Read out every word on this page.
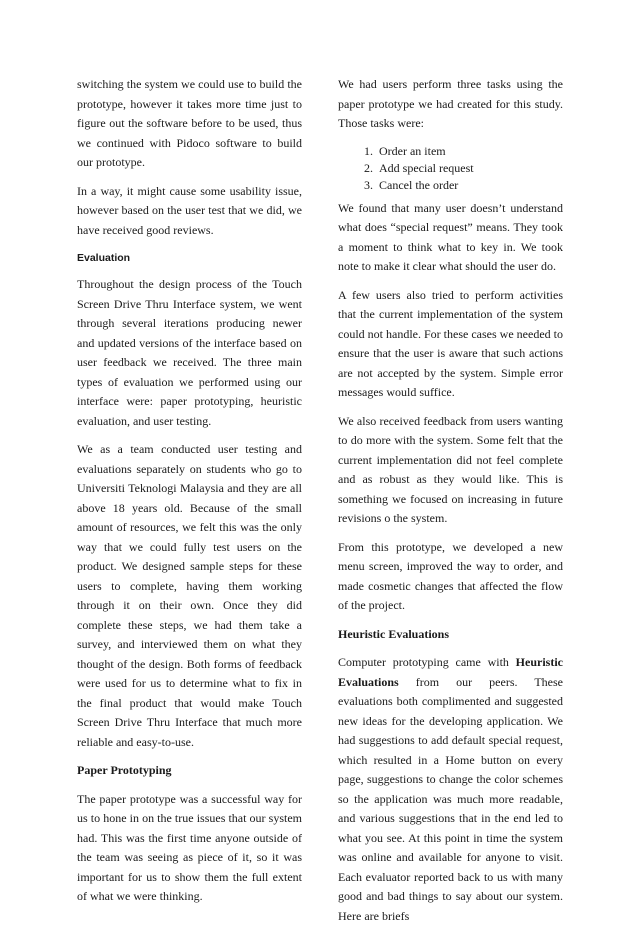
switching the system we could use to build the prototype, however it takes more time just to figure out the software before to be used, thus we continued with Pidoco software to build our prototype.

In a way, it might cause some usability issue, however based on the user test that we did, we have received good reviews.

Evaluation

Throughout the design process of the Touch Screen Drive Thru Interface system, we went through several iterations producing newer and updated versions of the interface based on user feedback we received. The three main types of evaluation we performed using our interface were: paper prototyping, heuristic evaluation, and user testing.

We as a team conducted user testing and evaluations separately on students who go to Universiti Teknologi Malaysia and they are all above 18 years old. Because of the small amount of resources, we felt this was the only way that we could fully test users on the product. We designed sample steps for these users to complete, having them working through it on their own. Once they did complete these steps, we had them take a survey, and interviewed them on what they thought of the design. Both forms of feedback were used for us to determine what to fix in the final product that would make Touch Screen Drive Thru Interface that much more reliable and easy-to-use.

Paper Prototyping

The paper prototype was a successful way for us to hone in on the true issues that our system had. This was the first time anyone outside of the team was seeing as piece of it, so it was important for us to show them the full extent of what we were thinking.

We had users perform three tasks using the paper prototype we had created for this study. Those tasks were:

1. Order an item
2. Add special request
3. Cancel the order

We found that many user doesn’t understand what does “special request” means. They took a moment to think what to key in. We took note to make it clear what should the user do.

A few users also tried to perform activities that the current implementation of the system could not handle. For these cases we needed to ensure that the user is aware that such actions are not accepted by the system. Simple error messages would suffice.

We also received feedback from users wanting to do more with the system. Some felt that the current implementation did not feel complete and as robust as they would like. This is something we focused on increasing in future revisions o the system.

From this prototype, we developed a new menu screen, improved the way to order, and made cosmetic changes that affected the flow of the project.

Heuristic Evaluations

Computer prototyping came with Heuristic Evaluations from our peers. These evaluations both complimented and suggested new ideas for the developing application. We had suggestions to add default special request, which resulted in a Home button on every page, suggestions to change the color schemes so the application was much more readable, and various suggestions that in the end led to what you see. At this point in time the system was online and available for anyone to visit. Each evaluator reported back to us with many good and bad things to say about our system. Here are briefs
